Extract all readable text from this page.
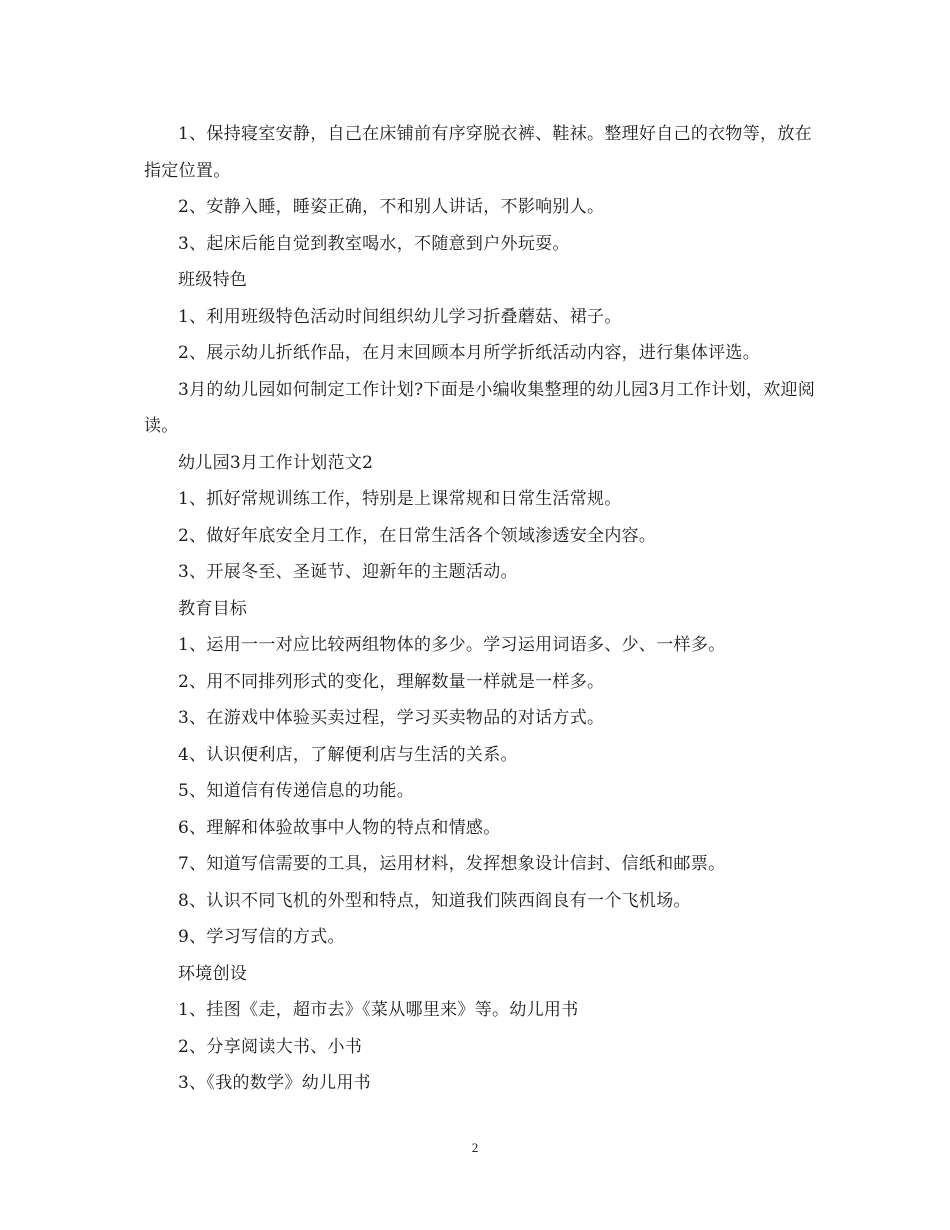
1、保持寝室安静，自己在床铺前有序穿脱衣裤、鞋袜。整理好自己的衣物等，放在指定位置。

2、安静入睡，睡姿正确，不和别人讲话，不影响别人。

3、起床后能自觉到教室喝水，不随意到户外玩耍。

班级特色

1、利用班级特色活动时间组织幼儿学习折叠蘑菇、裙子。

2、展示幼儿折纸作品，在月末回顾本月所学折纸活动内容，进行集体评选。

3月的幼儿园如何制定工作计划?下面是小编收集整理的幼儿园3月工作计划，欢迎阅读。

幼儿园3月工作计划范文2

1、抓好常规训练工作，特别是上课常规和日常生活常规。

2、做好年底安全月工作，在日常生活各个领域渗透安全内容。

3、开展冬至、圣诞节、迎新年的主题活动。

教育目标

1、运用一一对应比较两组物体的多少。学习运用词语多、少、一样多。

2、用不同排列形式的变化，理解数量一样就是一样多。

3、在游戏中体验买卖过程，学习买卖物品的对话方式。

4、认识便利店，了解便利店与生活的关系。

5、知道信有传递信息的功能。

6、理解和体验故事中人物的特点和情感。

7、知道写信需要的工具，运用材料，发挥想象设计信封、信纸和邮票。

8、认识不同飞机的外型和特点，知道我们陕西阎良有一个飞机场。

9、学习写信的方式。

环境创设

1、挂图《走，超市去》《菜从哪里来》等。幼儿用书

2、分享阅读大书、小书

3、《我的数学》幼儿用书

2
